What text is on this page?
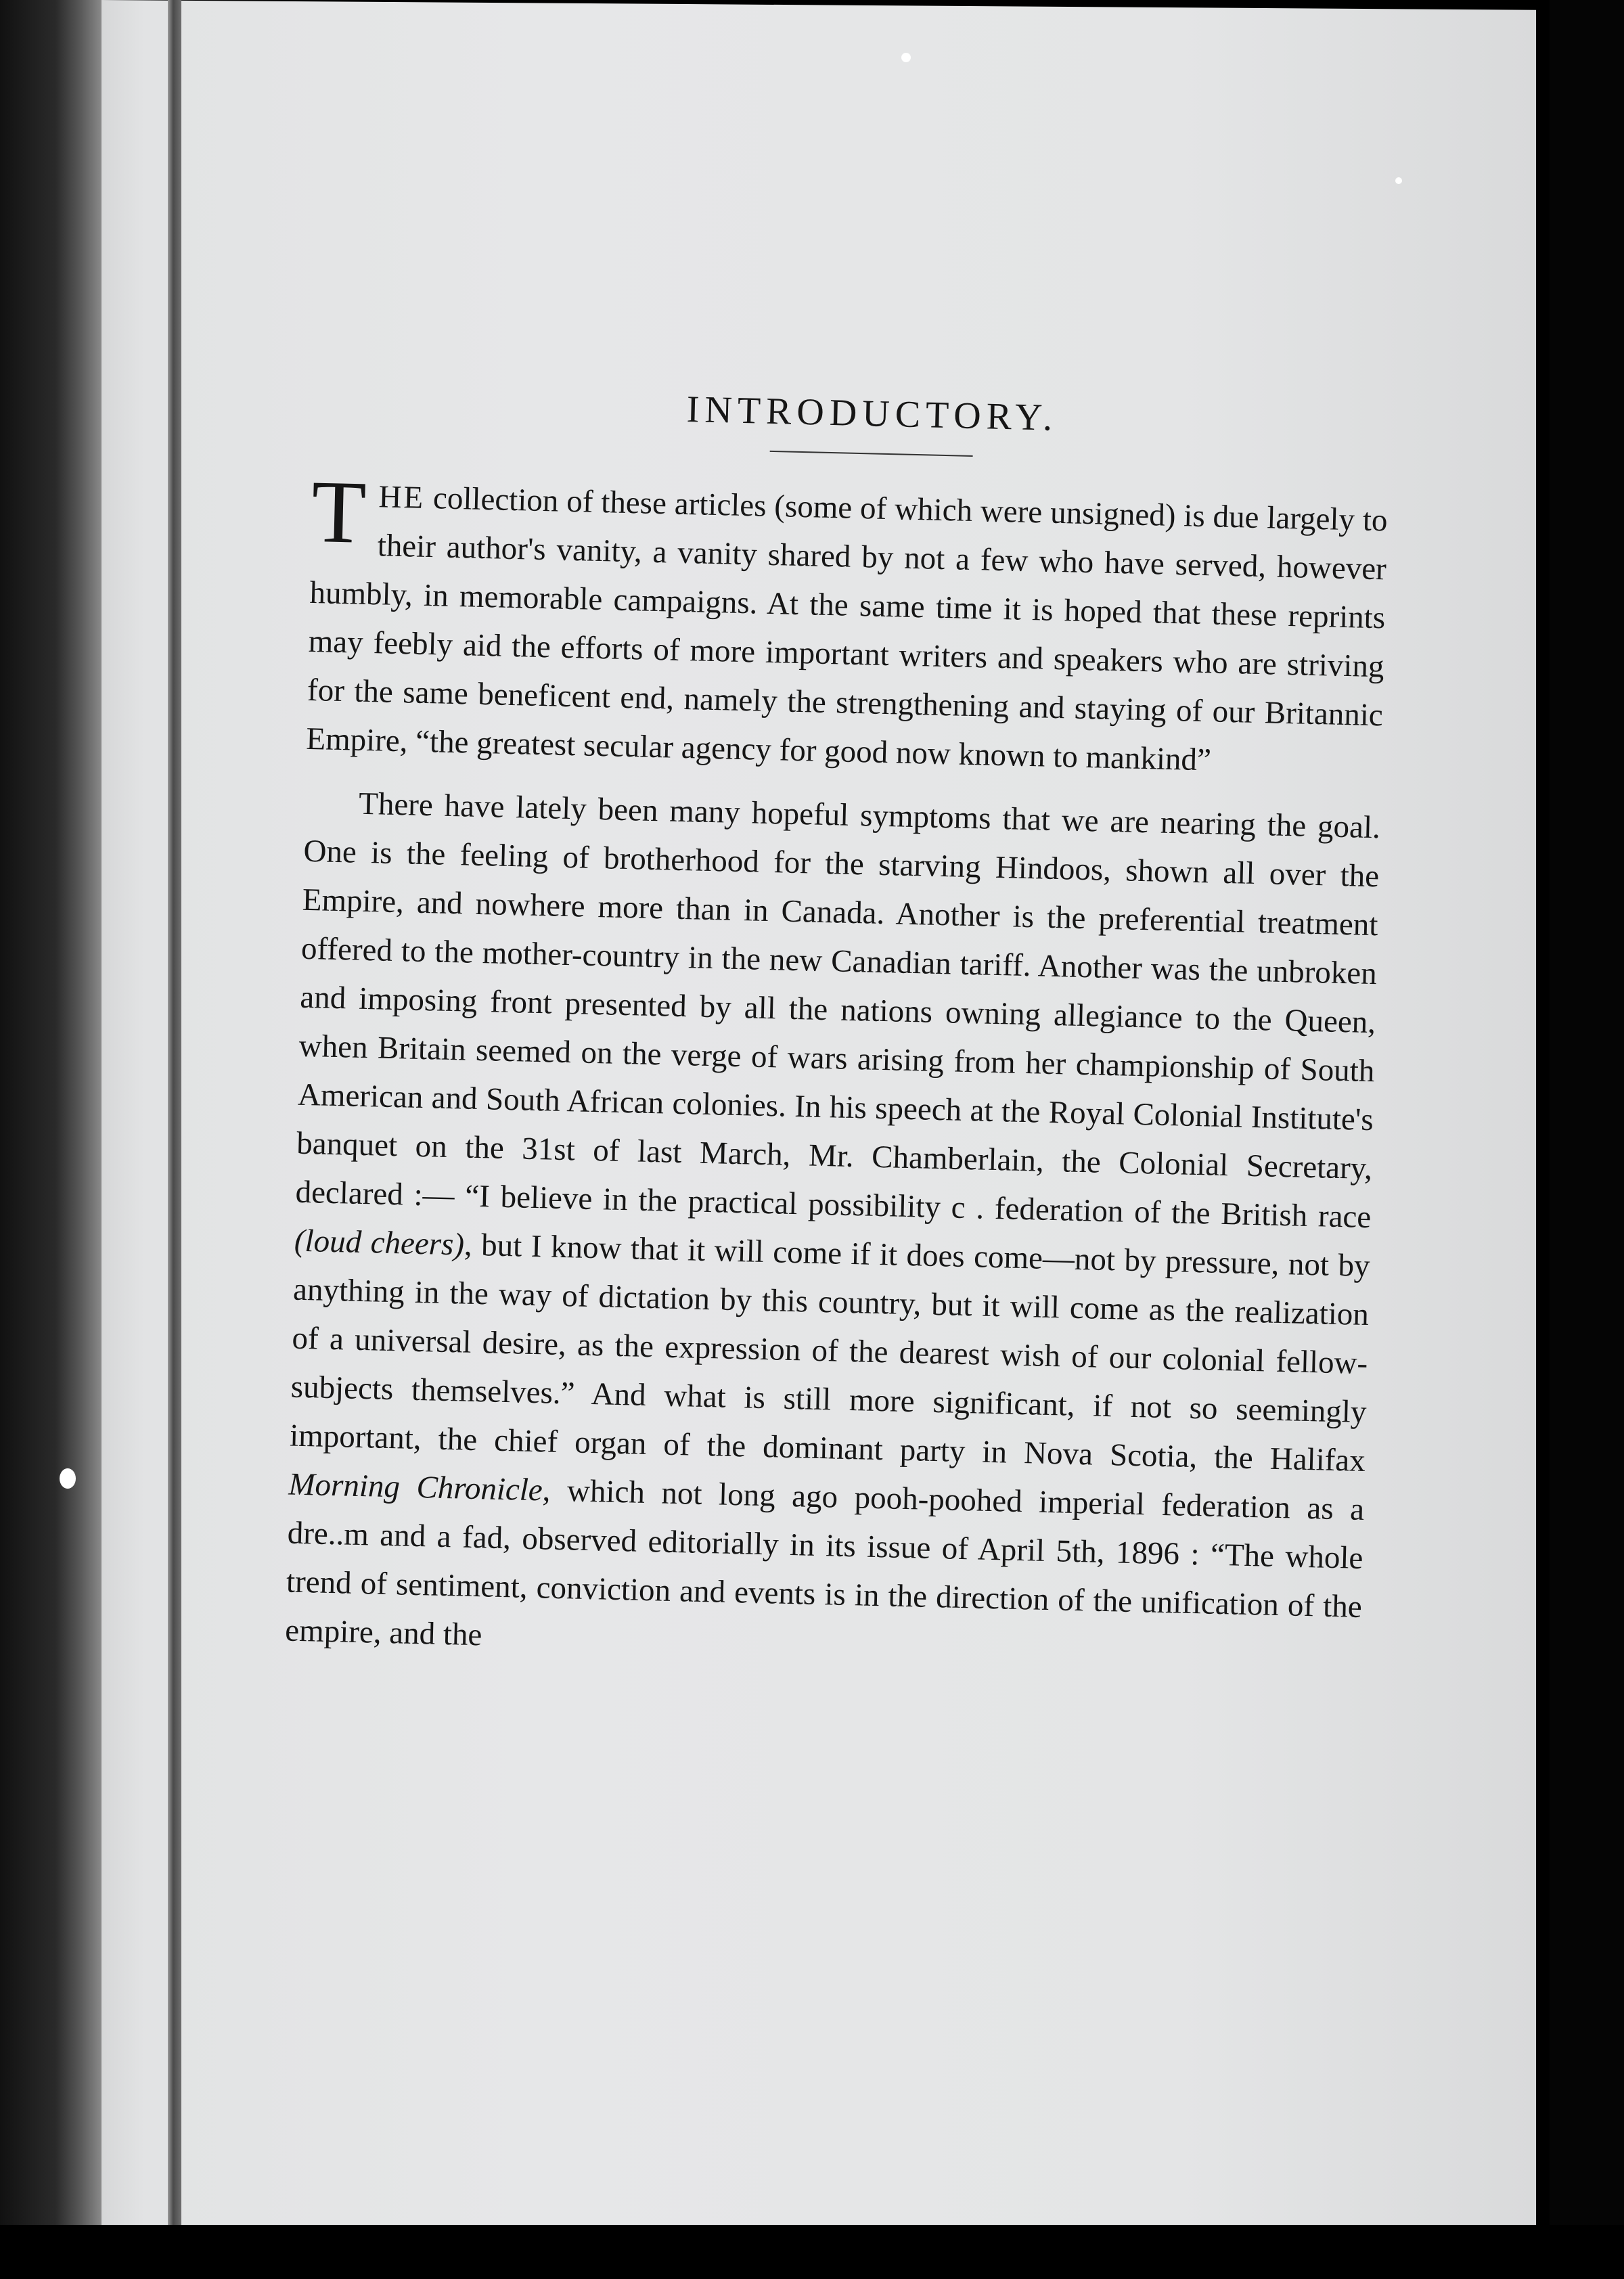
INTRODUCTORY.

THE collection of these articles (some of which were unsigned) is due largely to their author's vanity, a vanity shared by not a few who have served, however humbly, in memorable campaigns. At the same time it is hoped that these reprints may feebly aid the efforts of more important writers and speakers who are striving for the same beneficent end, namely the strengthening and staying of our Britannic Empire, “the greatest secular agency for good now known to mankind”

There have lately been many hopeful symptoms that we are nearing the goal. One is the feeling of brotherhood for the starving Hindoos, shown all over the Empire, and nowhere more than in Canada. Another is the preferential treatment offered to the mother-country in the new Canadian tariff. Another was the unbroken and imposing front presented by all the nations owning allegiance to the Queen, when Britain seemed on the verge of wars arising from her championship of South American and South African colonies. In his speech at the Royal Colonial Institute's banquet on the 31st of last March, Mr. Chamberlain, the Colonial Secretary, declared :— “I believe in the practical possibility c . federation of the British race (loud cheers), but I know that it will come if it does come—not by pressure, not by anything in the way of dictation by this country, but it will come as the realization of a universal desire, as the expression of the dearest wish of our colonial fellow-subjects themselves.” And what is still more significant, if not so seemingly important, the chief organ of the dominant party in Nova Scotia, the Halifax Morning Chronicle, which not long ago pooh-poohed imperial federation as a dre..m and a fad, observed editorially in its issue of April 5th, 1896 : “The whole trend of sentiment, conviction and events is in the direction of the unification of the empire, and the
